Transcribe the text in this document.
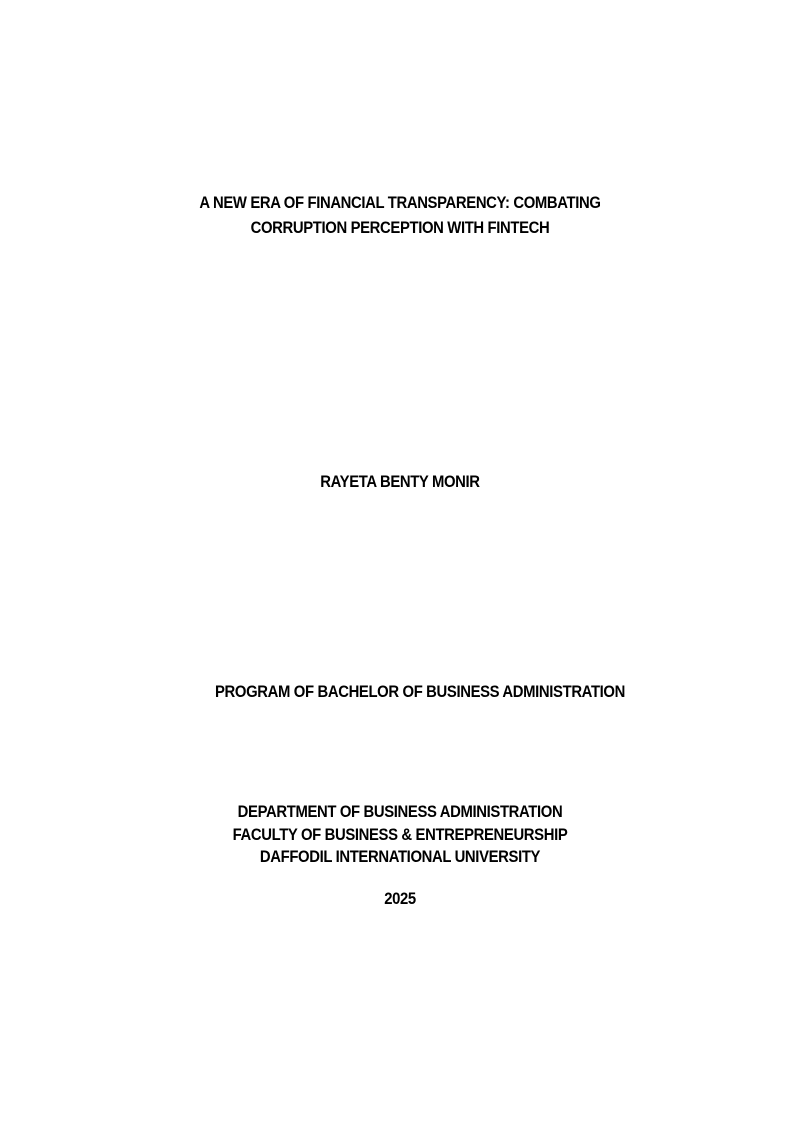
A NEW ERA OF FINANCIAL TRANSPARENCY: COMBATING
CORRUPTION PERCEPTION WITH FINTECH
RAYETA BENTY MONIR
PROGRAM OF BACHELOR OF BUSINESS ADMINISTRATION
DEPARTMENT OF BUSINESS ADMINISTRATION
FACULTY OF BUSINESS & ENTREPRENEURSHIP
DAFFODIL INTERNATIONAL UNIVERSITY
2025
